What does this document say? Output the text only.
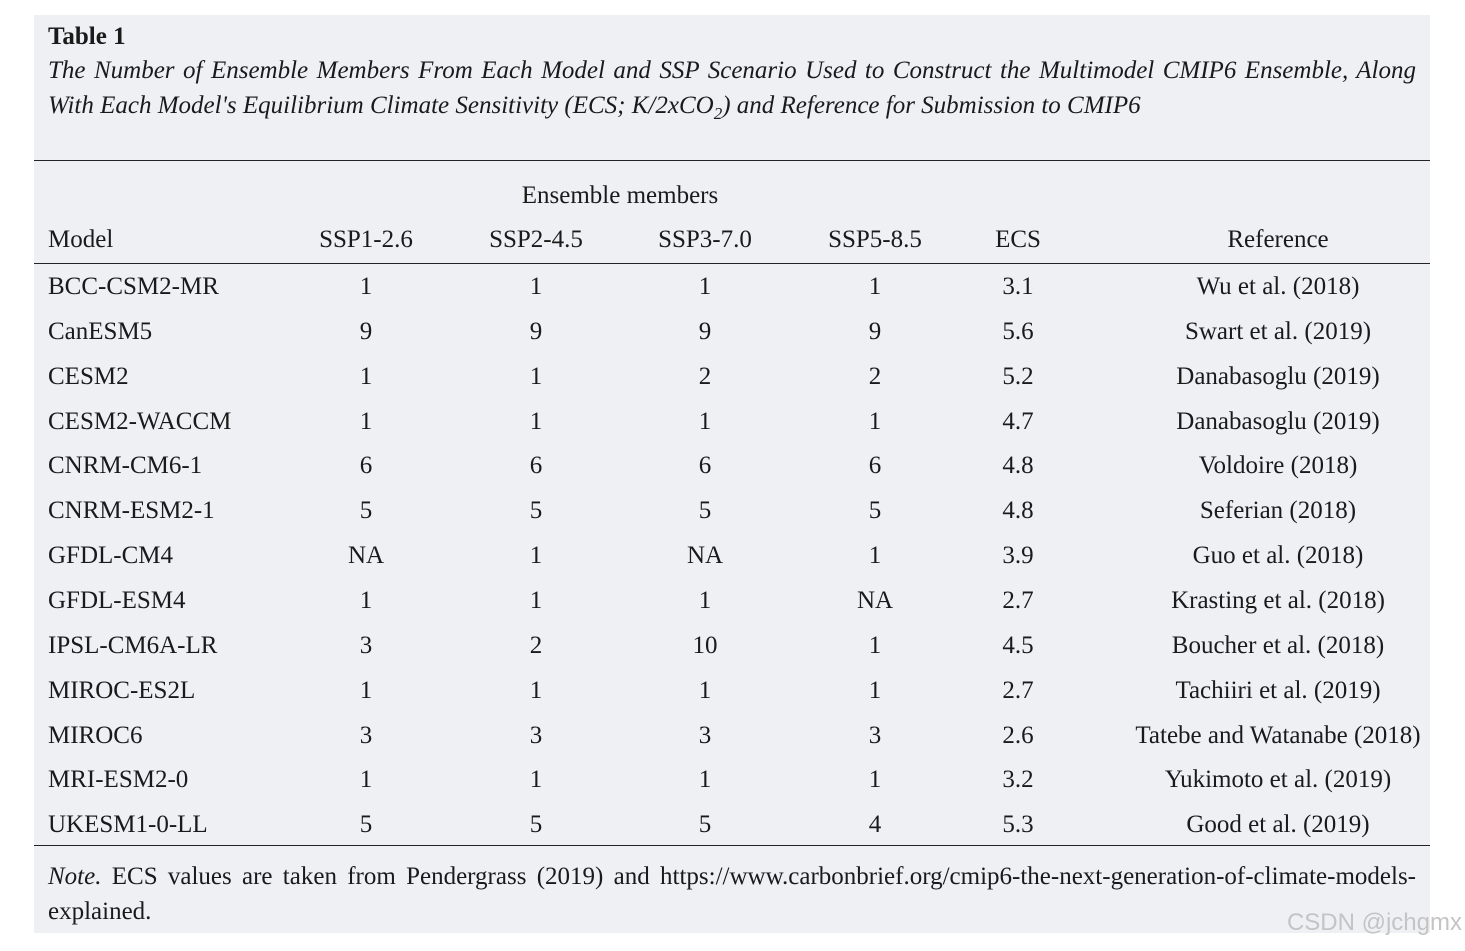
Table 1
The Number of Ensemble Members From Each Model and SSP Scenario Used to Construct the Multimodel CMIP6 Ensemble, Along With Each Model's Equilibrium Climate Sensitivity (ECS; K/2xCO$_2$) and Reference for Submission to CMIP6
Ensemble members
Model	SSP1-2.6	SSP2-4.5	SSP3-7.0	SSP5-8.5	ECS	Reference
BCC-CSM2-MR	1	1	1	1	3.1	Wu et al. (2018)
CanESM5	9	9	9	9	5.6	Swart et al. (2019)
CESM2	1	1	2	2	5.2	Danabasoglu (2019)
CESM2-WACCM	1	1	1	1	4.7	Danabasoglu (2019)
CNRM-CM6-1	6	6	6	6	4.8	Voldoire (2018)
CNRM-ESM2-1	5	5	5	5	4.8	Seferian (2018)
GFDL-CM4	NA	1	NA	1	3.9	Guo et al. (2018)
GFDL-ESM4	1	1	1	NA	2.7	Krasting et al. (2018)
IPSL-CM6A-LR	3	2	10	1	4.5	Boucher et al. (2018)
MIROC-ES2L	1	1	1	1	2.7	Tachiiri et al. (2019)
MIROC6	3	3	3	3	2.6	Tatebe and Watanabe (2018)
MRI-ESM2-0	1	1	1	1	3.2	Yukimoto et al. (2019)
UKESM1-0-LL	5	5	5	4	5.3	Good et al. (2019)
Note. ECS values are taken from Pendergrass (2019) and https://www.carbonbrief.org/cmip6-the-next-generation-of-climate-models-explained.	CSDN @jchgmx
